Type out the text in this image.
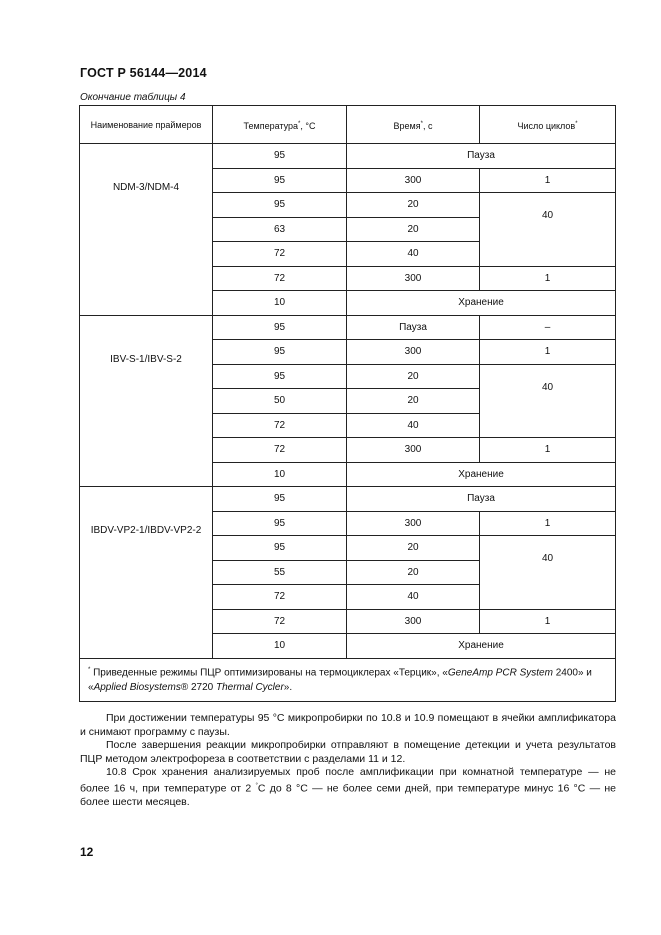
ГОСТ Р 56144—2014
Окончание таблицы 4
Наименование праймеров	Температура*, °С	Время*, с	Число циклов*
NDM-3/NDM-4	95	Пауза	
	95	300	1
	95	20	40
	63	20	
	72	40	
	72	300	1
	10	Хранение	
IBV-S-1/IBV-S-2	95	Пауза	–
	95	300	1
	95	20	40
	50	20	
	72	40	
	72	300	1
	10	Хранение	
IBDV-VP2-1/IBDV-VP2-2	95	Пауза	
	95	300	1
	95	20	40
	55	20	
	72	40	
	72	300	1
	10	Хранение	
* Приведенные режимы ПЦР оптимизированы на термоциклерах «Терцик», «GeneAmp PCR System 2400» и «Applied Biosystems® 2720 Thermal Cycler».			
При достижении температуры 95 °С микропробирки по 10.8 и 10.9 помещают в ячейки амплификатора и снимают программу с паузы.
После завершения реакции микропробирки отправляют в помещение детекции и учета результатов ПЦР методом электрофореза в соответствии с разделами 11 и 12.
10.8 Срок хранения анализируемых проб после амплификации при комнатной температуре — не более 16 ч, при температуре от 2 °С до 8 °С — не более семи дней, при температуре минус 16 °С — не более шести месяцев.
12
